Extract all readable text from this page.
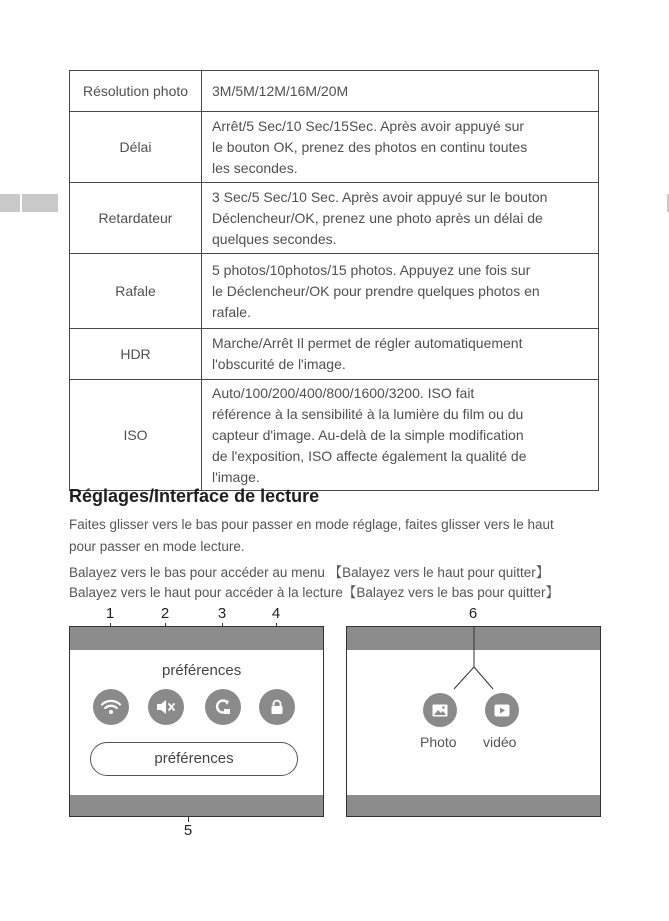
Résolution photo	3M/5M/12M/16M/20M

Délai	Arrêt/5 Sec/10 Sec/15Sec. Après avoir appuyé sur
le bouton OK, prenez des photos en continu toutes
les secondes.

Retardateur	3 Sec/5 Sec/10 Sec. Après avoir appuyé sur le bouton
Déclencheur/OK, prenez une photo après un délai de
quelques secondes.

Rafale	5 photos/10photos/15 photos. Appuyez une fois sur
le Déclencheur/OK pour prendre quelques photos en
rafale.

HDR	Marche/Arrêt Il permet de régler automatiquement
l'obscurité de l'image.

ISO	Auto/100/200/400/800/1600/3200. ISO fait
référence à la sensibilité à la lumière du film ou du
capteur d'image. Au-delà de la simple modification
de l'exposition, ISO affecte également la qualité de
l'image.
Réglages/Interface de lecture
Faites glisser vers le bas pour passer en mode réglage, faites glisser vers le haut
pour passer en mode lecture.
Balayez vers le bas pour accéder au menu 【Balayez vers le haut pour quitter】
Balayez vers le haut pour accéder à la lecture【Balayez vers le bas pour quitter】
1	2	3	4
5
6
préférences
préférences
Photo vidéo
